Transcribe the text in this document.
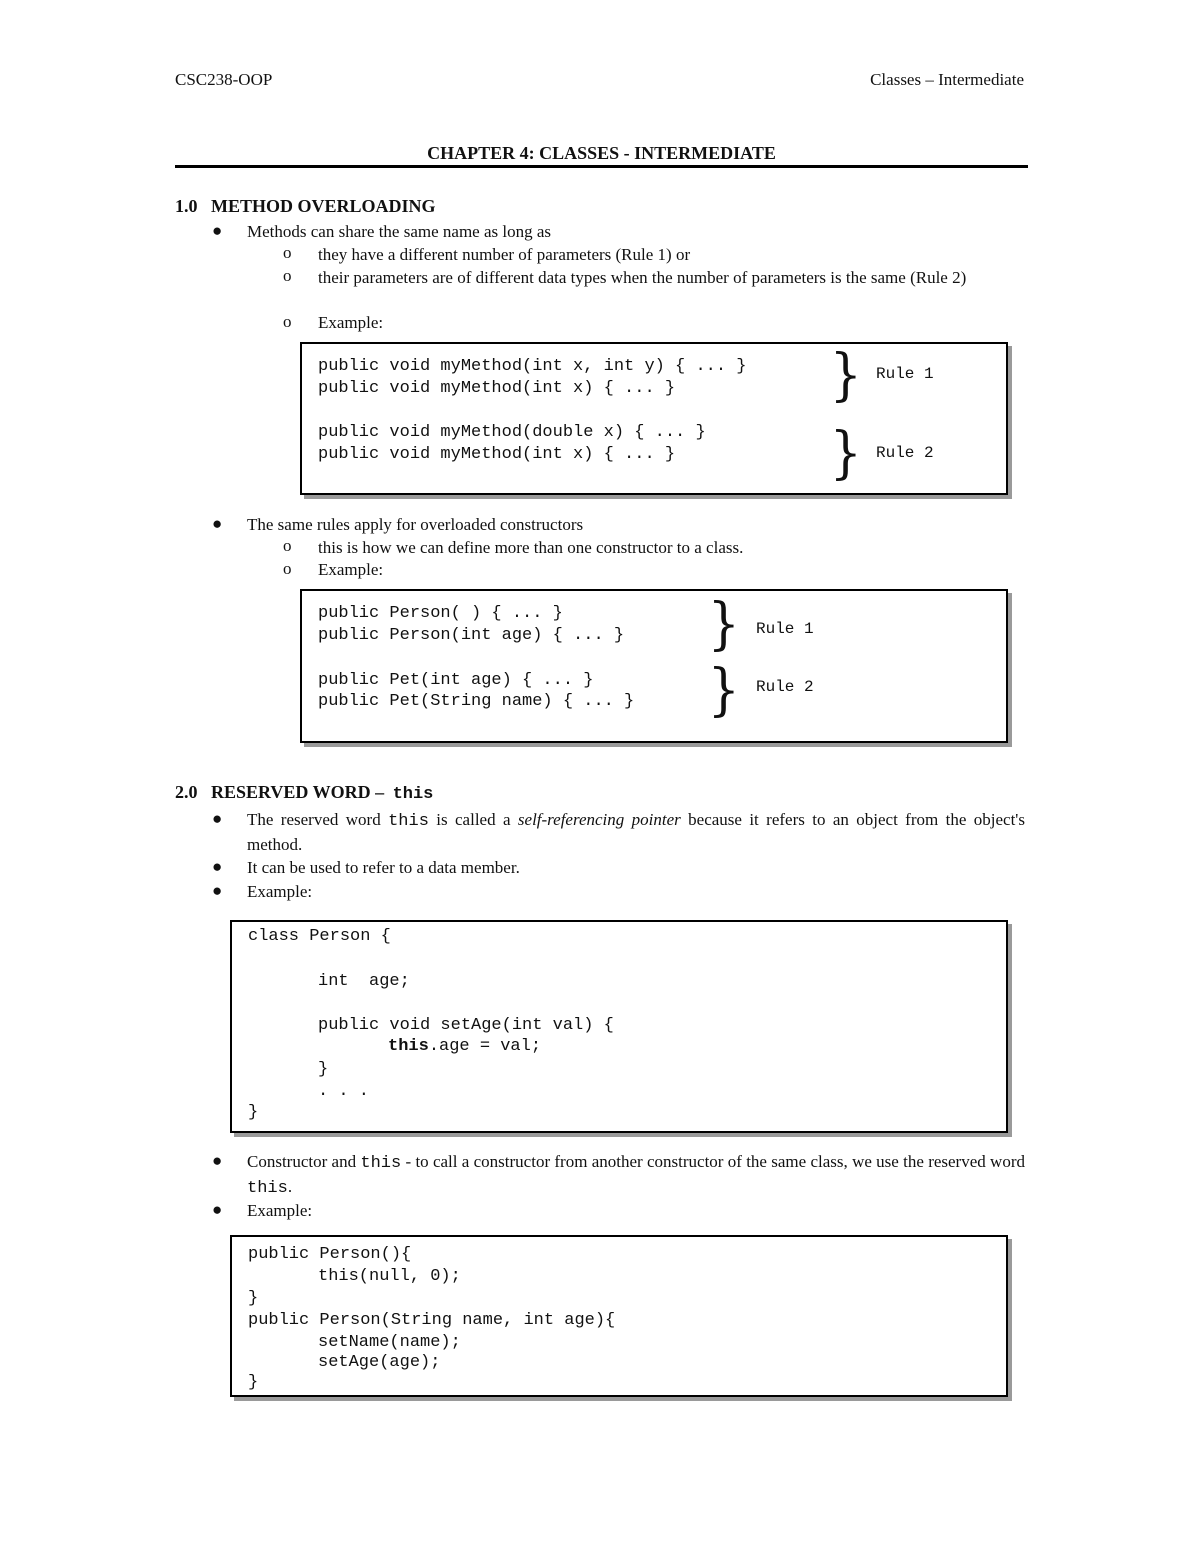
CSC238-OOP	Classes – Intermediate
CHAPTER 4: CLASSES - INTERMEDIATE
1.0 METHOD OVERLOADING
● Methods can share the same name as long as
o they have a different number of parameters (Rule 1) or
o their parameters are of different data types when the number of parameters is the same (Rule 2)
o Example:
public void myMethod(int x, int y) { ... }
public void myMethod(int x) { ... }
public void myMethod(double x) { ... }
public void myMethod(int x) { ... }
}
}
Rule 1
Rule 2
● The same rules apply for overloaded constructors
o this is how we can define more than one constructor to a class.
o Example:
public Person( ) { ... }
public Person(int age) { ... }
public Pet(int age) { ... }
public Pet(String name) { ... }
}
}
Rule 1
Rule 2
2.0 RESERVED WORD – this
● The reserved word this is called a self-referencing pointer because it refers to an object from the object's method.
● It can be used to refer to a data member.
● Example:
class Person {
int  age;
public void setAge(int val) {
this.age = val;
}
. . .
}
● Constructor and this - to call a constructor from another constructor of the same class, we use the reserved word this.
● Example:
public Person(){
this(null, 0);
}
public Person(String name, int age){
setName(name);
setAge(age);
}
